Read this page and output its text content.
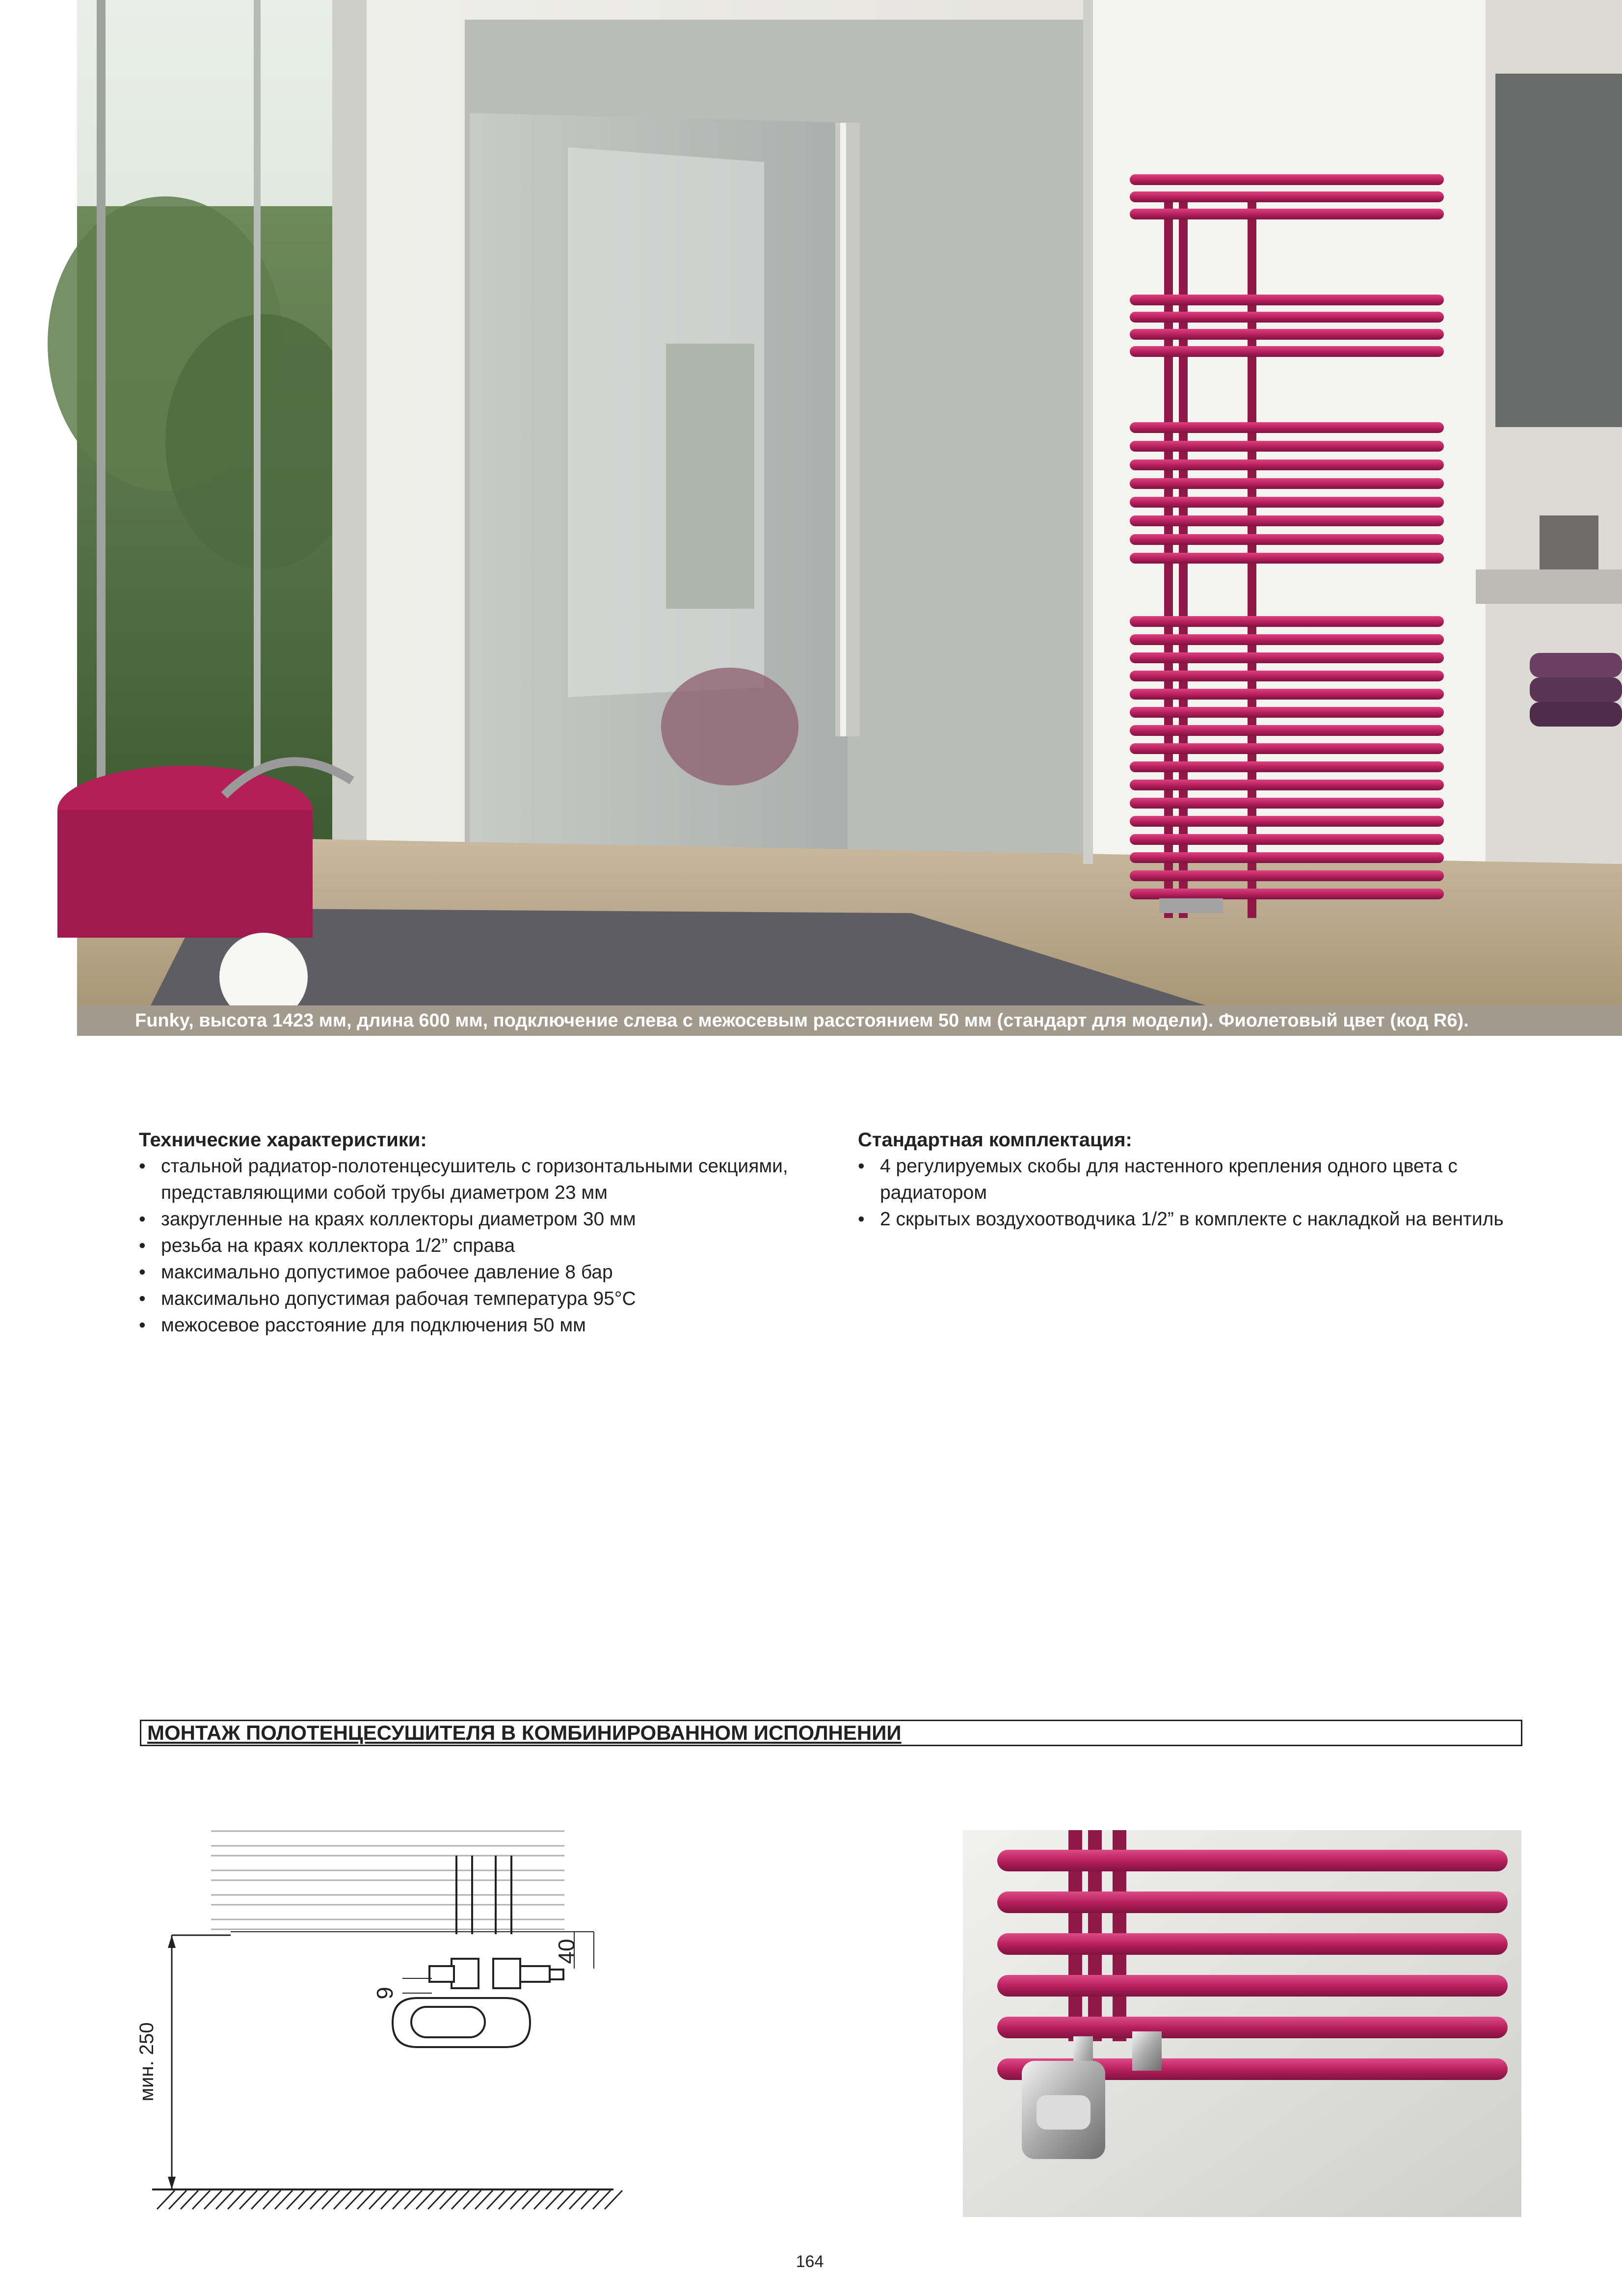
Funky, высота 1423 мм, длина 600 мм, подключение слева с межосевым расстоянием 50 мм (стандарт для модели). Фиолетовый цвет (код R6).
Технические характеристики:
• стальной радиатор-полотенцесушитель с горизонтальными секциями, представляющими собой трубы диаметром 23 мм
• закругленные на краях коллекторы диаметром 30 мм
• резьба на краях коллектора 1/2” справа
• максимально допустимое рабочее давление 8 бар
• максимально допустимая рабочая температура 95°С
• межосевое расстояние для подключения 50 мм
Стандартная комплектация:
• 4 регулируемых скобы для настенного крепления одного цвета с радиатором
• 2 скрытых воздухоотводчика 1/2” в комплекте с накладкой на вентиль
МОНТАЖ ПОЛОТЕНЦЕСУШИТЕЛЯ В КОМБИНИРОВАННОМ ИСПОЛНЕНИИ
40
9
мин. 250
164
